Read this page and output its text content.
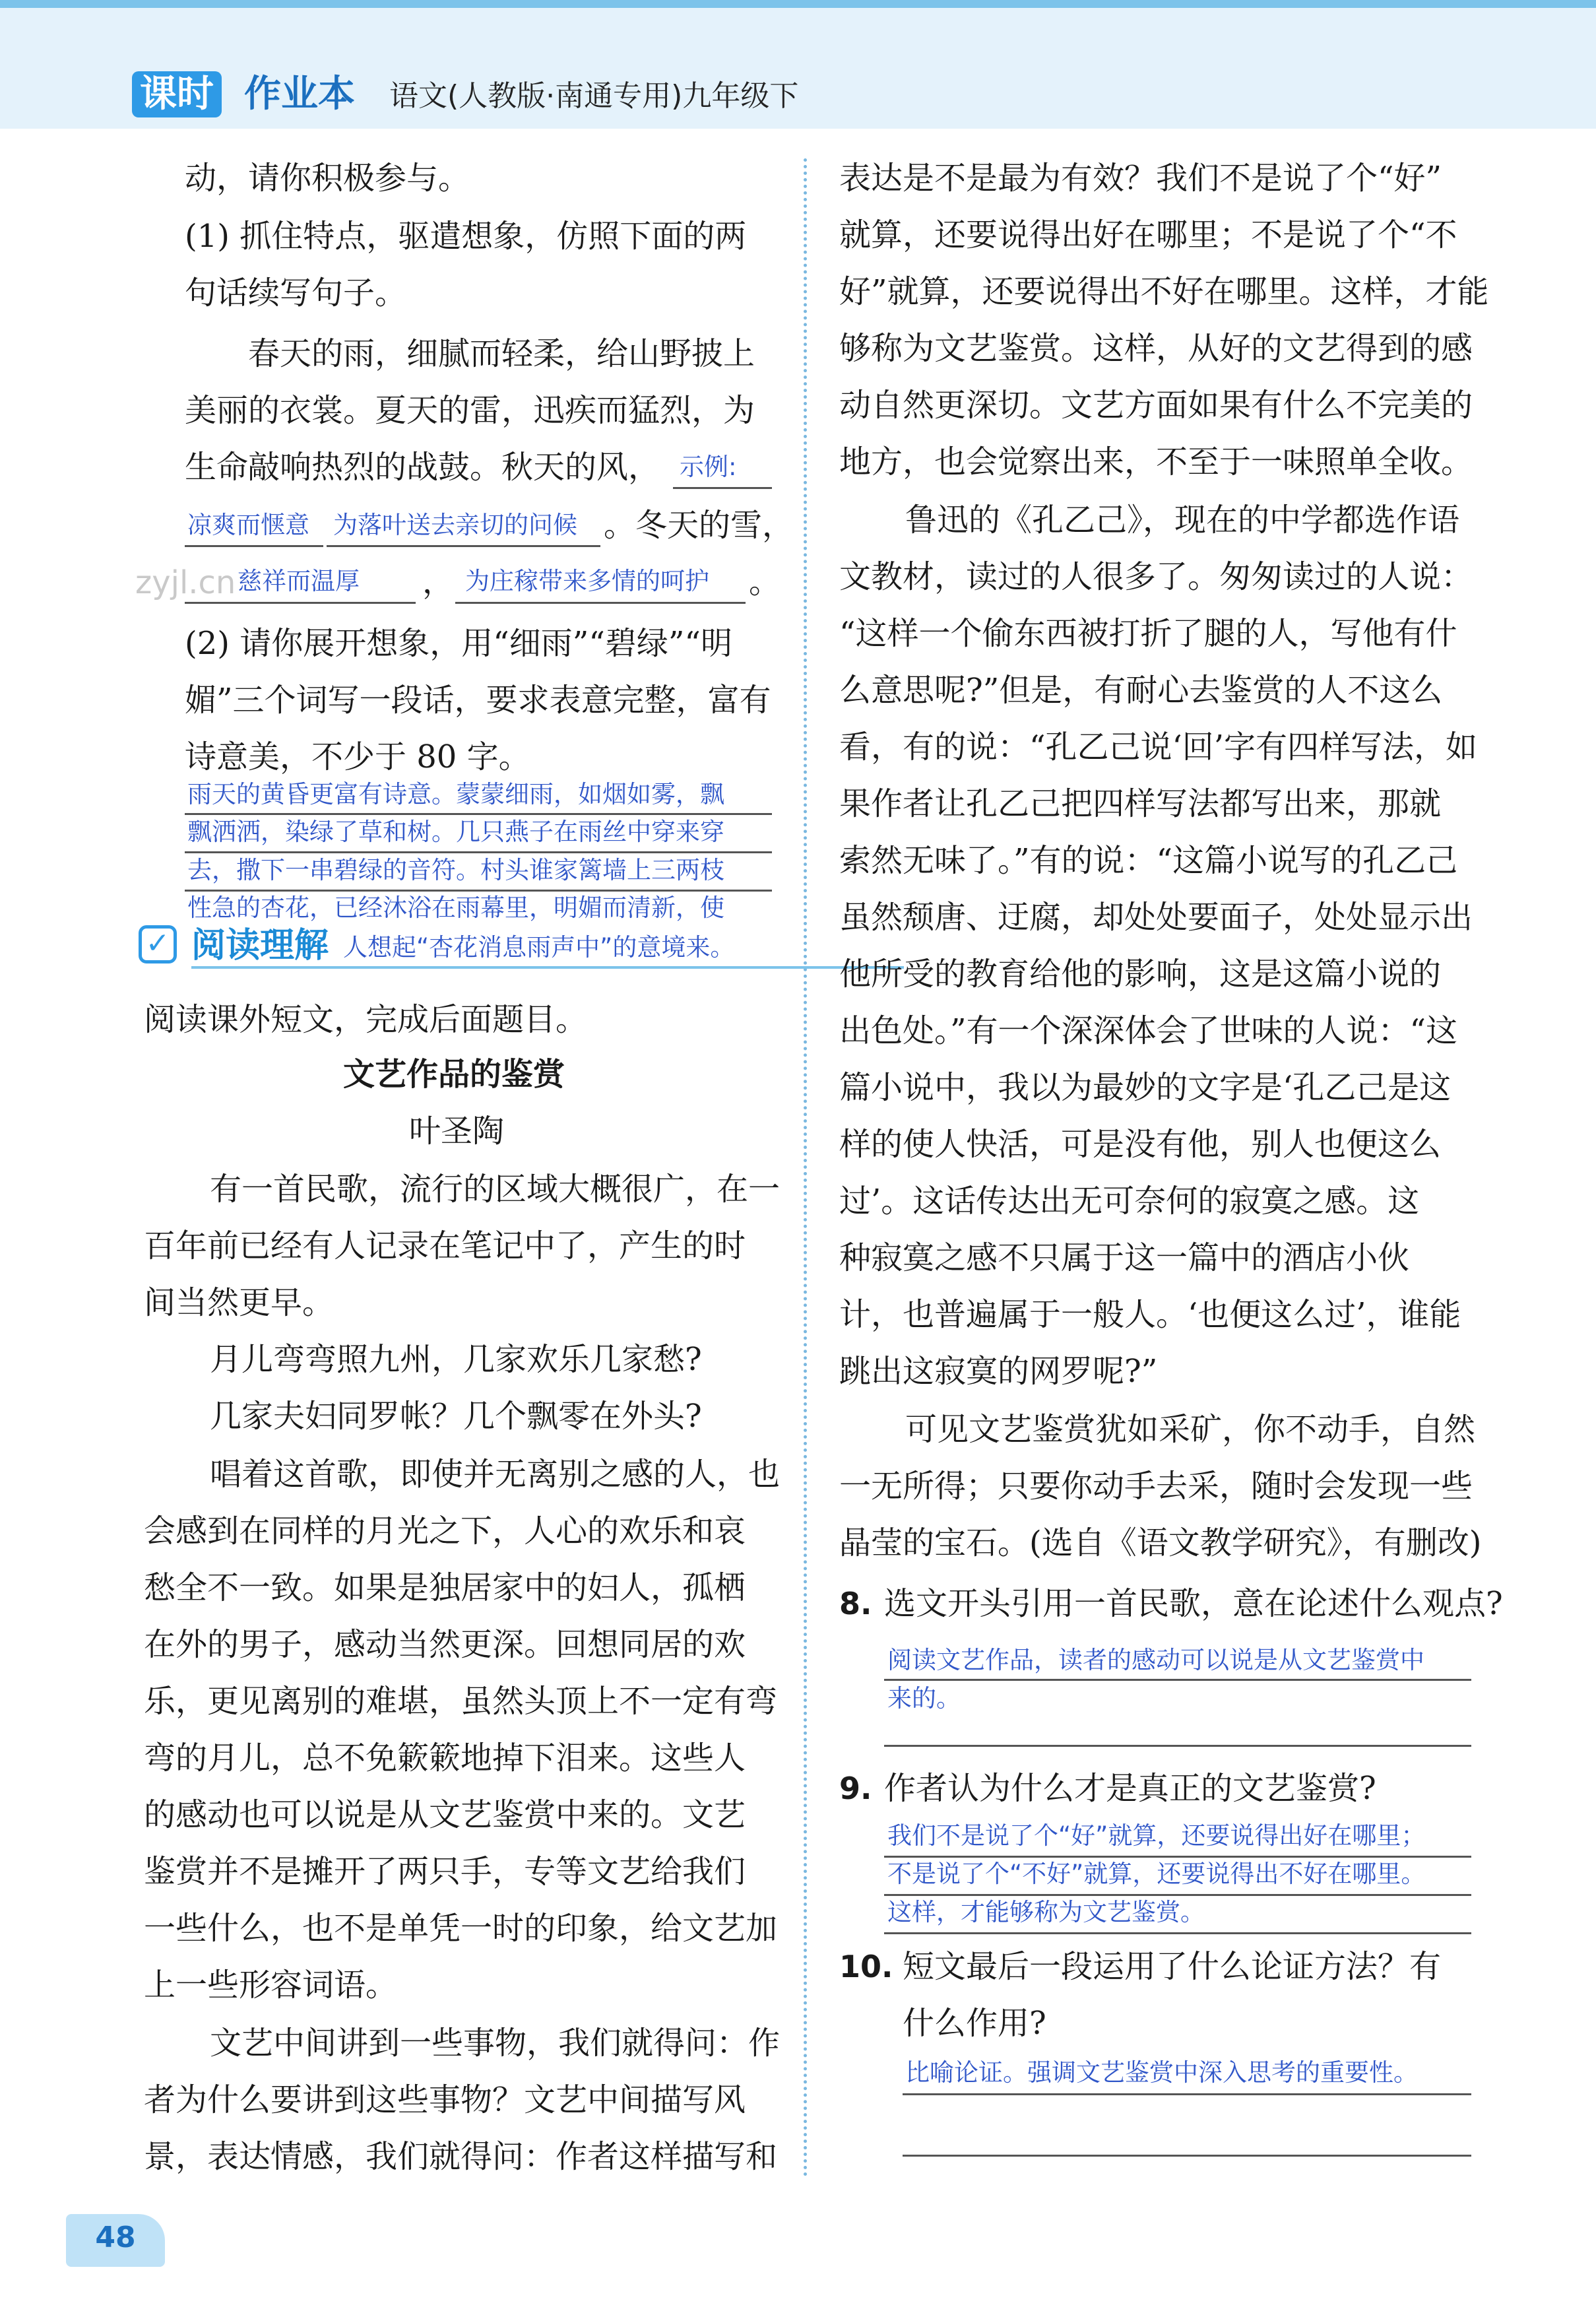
课时 作业本 语文(人教版·南通专用)九年级下
zyjl.cn
动，请你积极参与。
(1) 抓住特点，驱遣想象，仿照下面的两
句话续写句子。
春天的雨，细腻而轻柔，给山野披上
美丽的衣裳。夏天的雷，迅疾而猛烈，为
生命敲响热烈的战鼓。秋天的风， 示例:
凉爽而惬意 为落叶送去亲切的问候 。冬天的雪，
慈祥而温厚 ， 为庄稼带来多情的呵护 。
(2) 请你展开想象，用“细雨”“碧绿”“明
媚”三个词写一段话，要求表意完整，富有
诗意美，不少于 80 字。
雨天的黄昏更富有诗意。蒙蒙细雨，如烟如雾，飘
飘洒洒，染绿了草和树。几只燕子在雨丝中穿来穿
去，撒下一串碧绿的音符。村头谁家篱墙上三两枝
性急的杏花，已经沐浴在雨幕里，明媚而清新，使
✓ 阅读理解 人想起“杏花消息雨声中”的意境来。
阅读课外短文，完成后面题目。
文艺作品的鉴赏
叶圣陶
有一首民歌，流行的区域大概很广，在一
百年前已经有人记录在笔记中了，产生的时
间当然更早。
月儿弯弯照九州，几家欢乐几家愁?
几家夫妇同罗帐？几个飘零在外头?
唱着这首歌，即使并无离别之感的人，也
会感到在同样的月光之下，人心的欢乐和哀
愁全不一致。如果是独居家中的妇人，孤栖
在外的男子，感动当然更深。回想同居的欢
乐，更见离别的难堪，虽然头顶上不一定有弯
弯的月儿，总不免簌簌地掉下泪来。这些人
的感动也可以说是从文艺鉴赏中来的。文艺
鉴赏并不是摊开了两只手，专等文艺给我们
一些什么，也不是单凭一时的印象，给文艺加
上一些形容词语。
文艺中间讲到一些事物，我们就得问：作
者为什么要讲到这些事物？文艺中间描写风
景，表达情感，我们就得问：作者这样描写和
表达是不是最为有效？我们不是说了个“好”
就算，还要说得出好在哪里；不是说了个“不
好”就算，还要说得出不好在哪里。这样，才能
够称为文艺鉴赏。这样，从好的文艺得到的感
动自然更深切。文艺方面如果有什么不完美的
地方，也会觉察出来，不至于一味照单全收。
鲁迅的《孔乙己》，现在的中学都选作语
文教材，读过的人很多了。匆匆读过的人说：
“这样一个偷东西被打折了腿的人，写他有什
么意思呢?”但是，有耐心去鉴赏的人不这么
看，有的说：“孔乙己说‘回’字有四样写法，如
果作者让孔乙己把四样写法都写出来，那就
索然无味了。”有的说：“这篇小说写的孔乙己
虽然颓唐、迂腐，却处处要面子，处处显示出
他所受的教育给他的影响，这是这篇小说的
出色处。”有一个深深体会了世味的人说：“这
篇小说中，我以为最妙的文字是‘孔乙己是这
样的使人快活，可是没有他，别人也便这么
过’。这话传达出无可奈何的寂寞之感。这
种寂寞之感不只属于这一篇中的酒店小伙
计，也普遍属于一般人。‘也便这么过’，谁能
跳出这寂寞的网罗呢?”
可见文艺鉴赏犹如采矿，你不动手，自然
一无所得；只要你动手去采，随时会发现一些
晶莹的宝石。(选自《语文教学研究》，有删改)
8. 选文开头引用一首民歌，意在论述什么观点?
阅读文艺作品，读者的感动可以说是从文艺鉴赏中
来的。
9. 作者认为什么才是真正的文艺鉴赏?
我们不是说了个“好”就算，还要说得出好在哪里；
不是说了个“不好”就算，还要说得出不好在哪里。
这样，才能够称为文艺鉴赏。
10. 短文最后一段运用了什么论证方法？有
什么作用?
比喻论证。强调文艺鉴赏中深入思考的重要性。
48
